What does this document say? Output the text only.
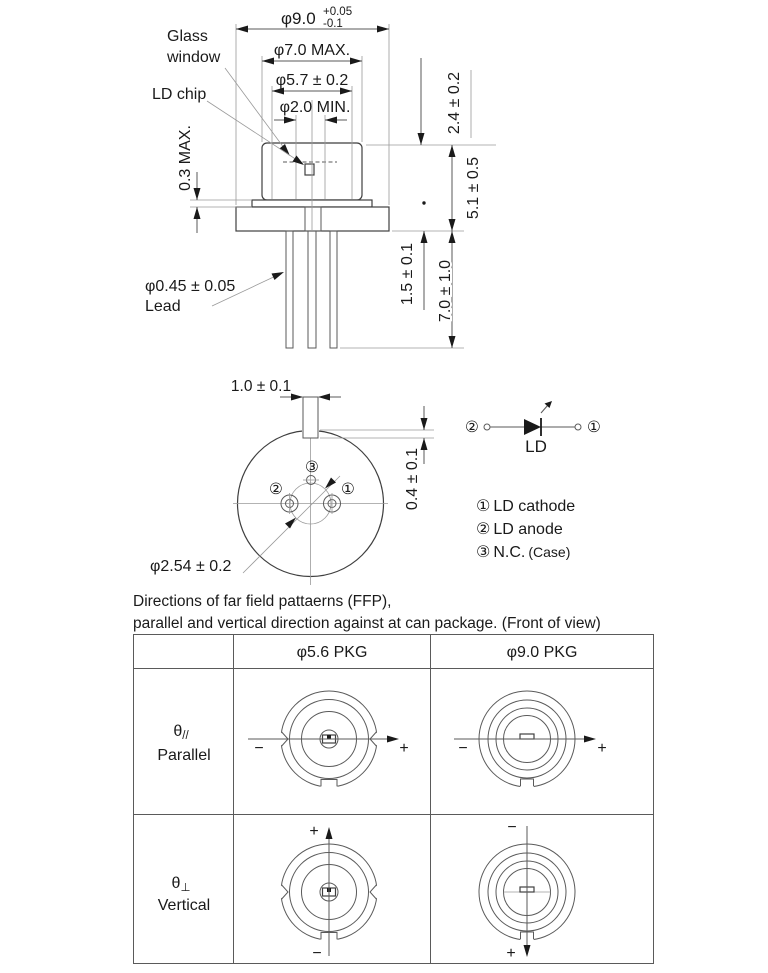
φ9.0 +0.05
-0.1
φ7.0 MAX.
φ5.7 ± 0.2
φ2.0 MIN.
Glass
window
LD chip
0.3 MAX.
2.4 ± 0.2
5.1 ± 0.5
1.5 ± 0.1 7.0 ± 1.0
φ0.45 ± 0.05
Lead
1.0 ± 0.1
0.4 ± 0.1
φ2.54 ± 0.2
③
②	①
②	①
LD
① LD cathode
② LD anode
③ N.C. (Case)
Directions of far field pattaerns (FFP),
parallel and vertical direction against at can package. (Front of view)
φ5.6 PKG	φ9.0 PKG
θ//
Parallel
θ⊥
Vertical
−	+	−	+
+
−
−
+
